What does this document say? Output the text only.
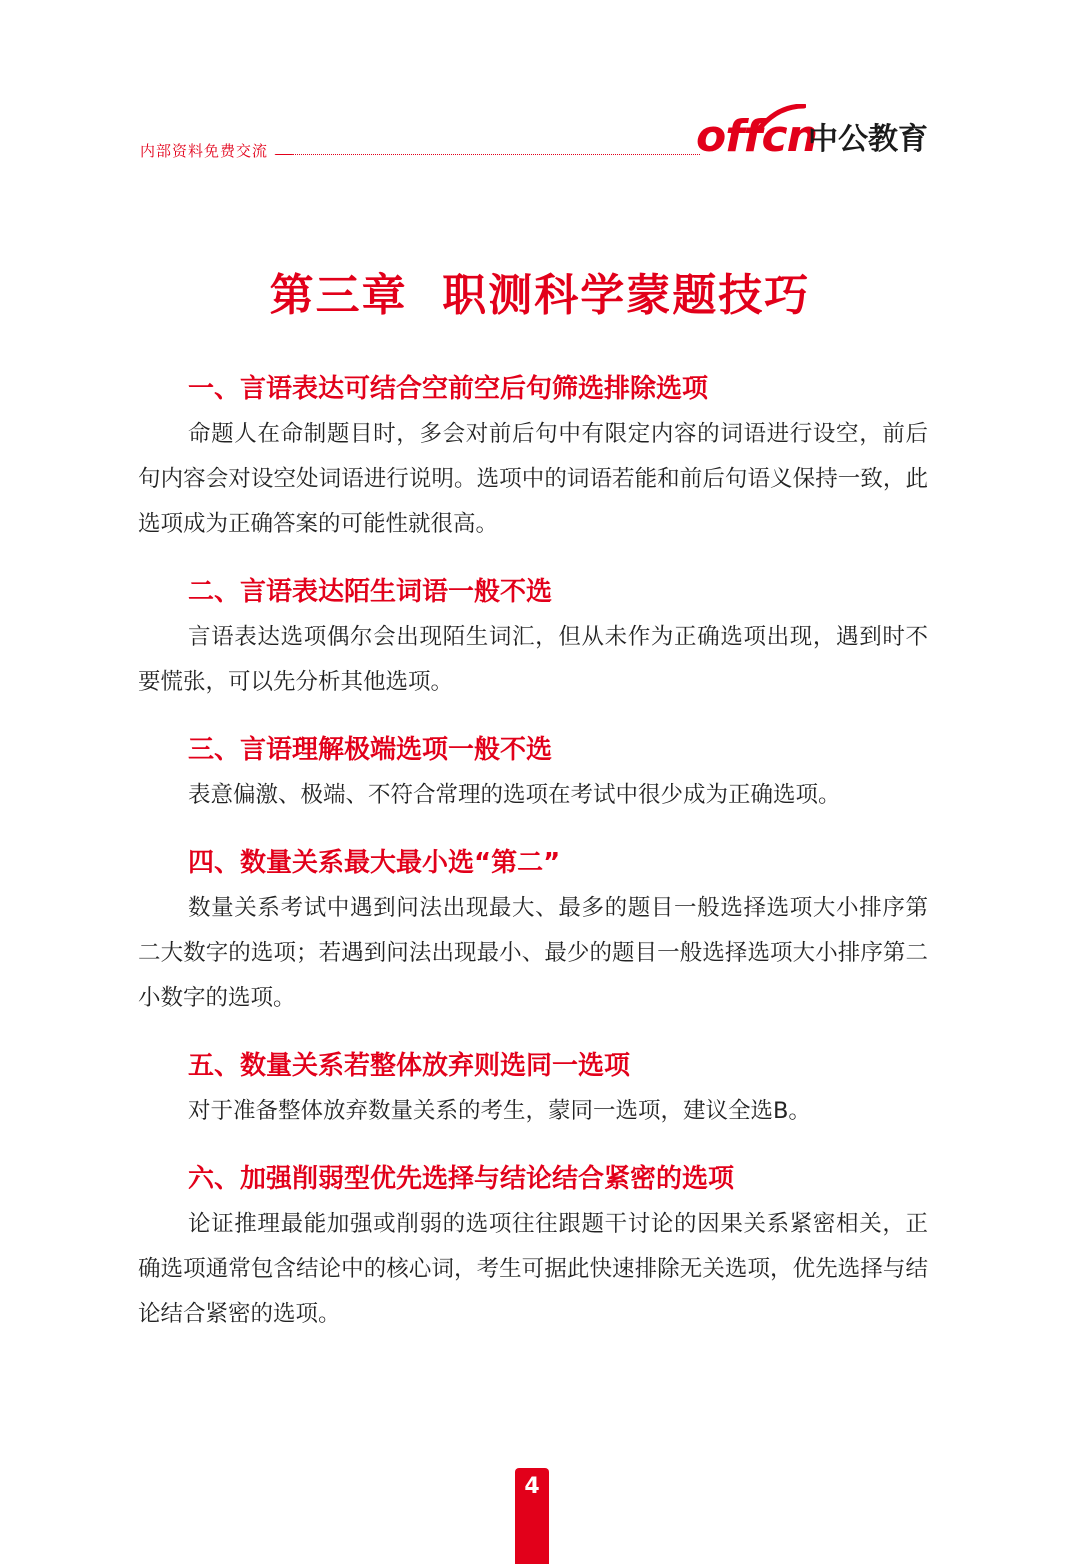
内部资料免费交流	offcn
中公教育
第三章  职测科学蒙题技巧
一、言语表达可结合空前空后句筛选排除选项

命题人在命制题目时，多会对前后句中有限定内容的词语进行设空，前后句内容会对设空处词语进行说明。选项中的词语若能和前后句语义保持一致，此选项成为正确答案的可能性就很高。

二、言语表达陌生词语一般不选

言语表达选项偶尔会出现陌生词汇，但从未作为正确选项出现，遇到时不要慌张，可以先分析其他选项。

三、言语理解极端选项一般不选

表意偏激、极端、不符合常理的选项在考试中很少成为正确选项。

四、数量关系最大最小选“第二”

数量关系考试中遇到问法出现最大、最多的题目一般选择选项大小排序第二大数字的选项；若遇到问法出现最小、最少的题目一般选择选项大小排序第二小数字的选项。

五、数量关系若整体放弃则选同一选项

对于准备整体放弃数量关系的考生，蒙同一选项，建议全选B。

六、加强削弱型优先选择与结论结合紧密的选项

论证推理最能加强或削弱的选项往往跟题干讨论的因果关系紧密相关，正确选项通常包含结论中的核心词，考生可据此快速排除无关选项，优先选择与结论结合紧密的选项。

4
